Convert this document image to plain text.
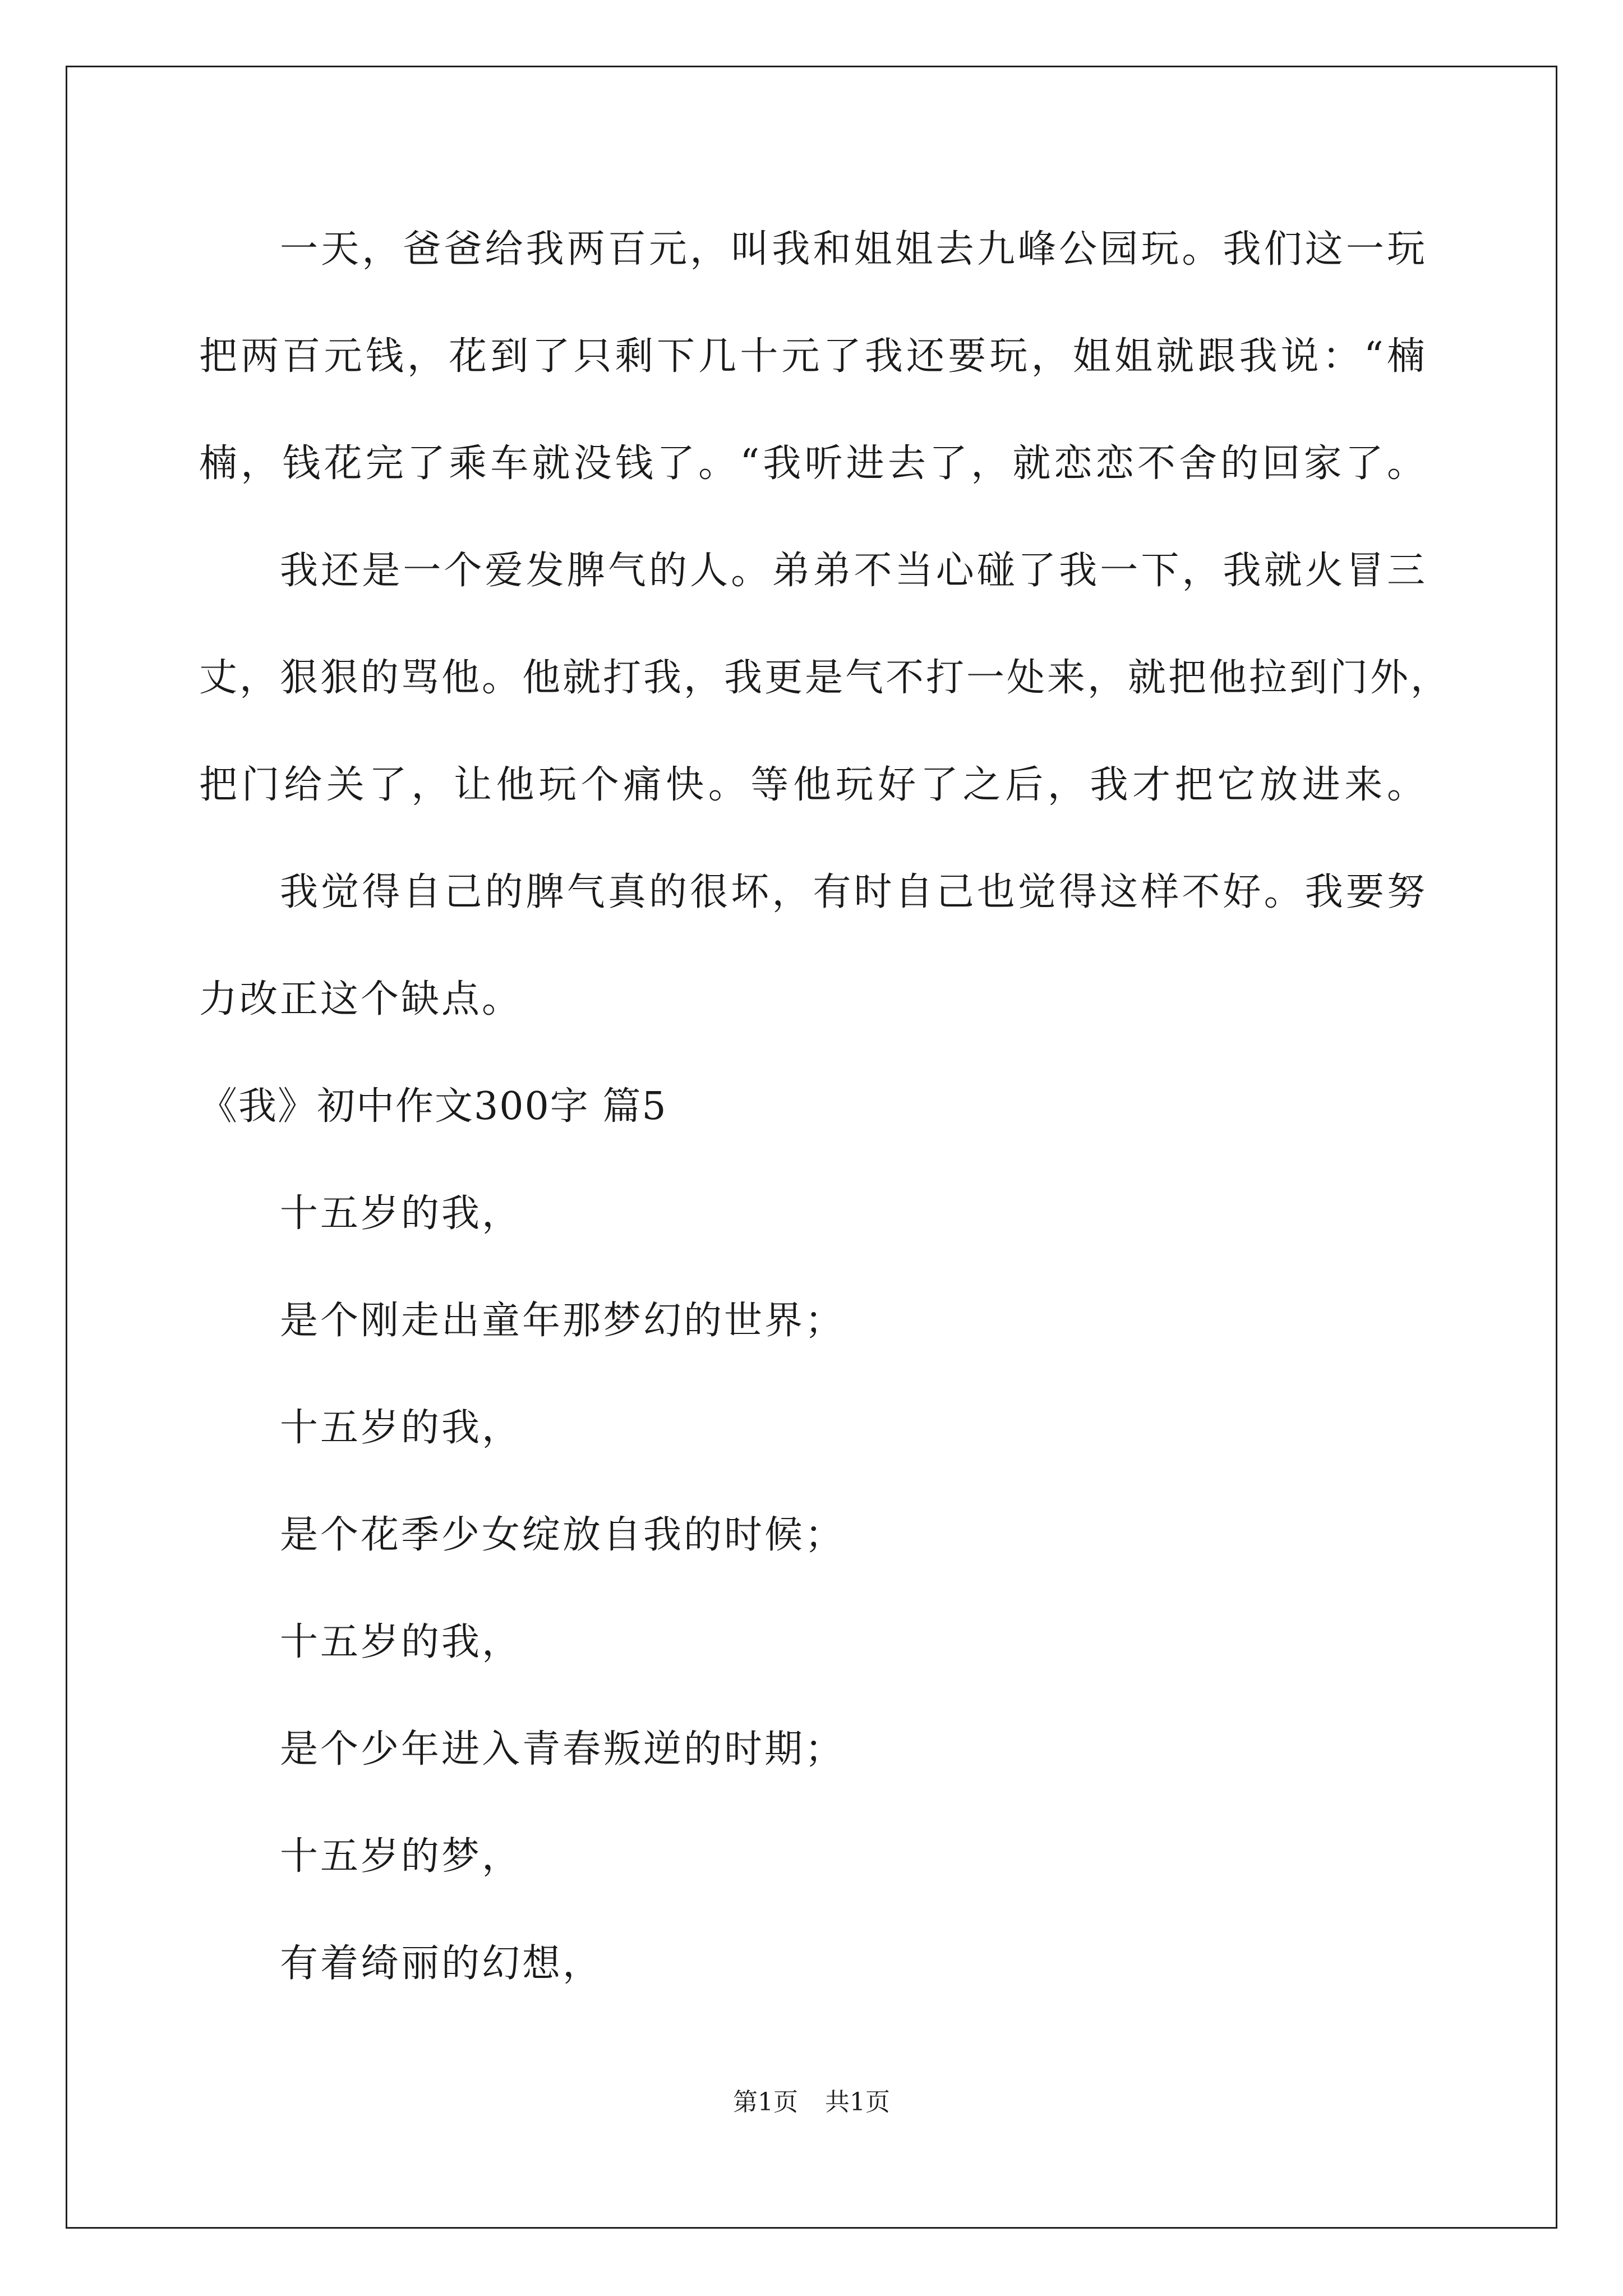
一天，爸爸给我两百元，叫我和姐姐去九峰公园玩。我们这一玩
把两百元钱，花到了只剩下几十元了我还要玩，姐姐就跟我说：“楠
楠，钱花完了乘车就没钱了。“我听进去了，就恋恋不舍的回家了。
我还是一个爱发脾气的人。弟弟不当心碰了我一下，我就火冒三
丈，狠狠的骂他。他就打我，我更是气不打一处来，就把他拉到门外，
把门给关了，让他玩个痛快。等他玩好了之后，我才把它放进来。
我觉得自己的脾气真的很坏，有时自己也觉得这样不好。我要努
力改正这个缺点。
《我》初中作文300字 篇5
十五岁的我，
是个刚走出童年那梦幻的世界；
十五岁的我，
是个花季少女绽放自我的时候；
十五岁的我，
是个少年进入青春叛逆的时期；
十五岁的梦，
有着绮丽的幻想，
第1页 共1页
